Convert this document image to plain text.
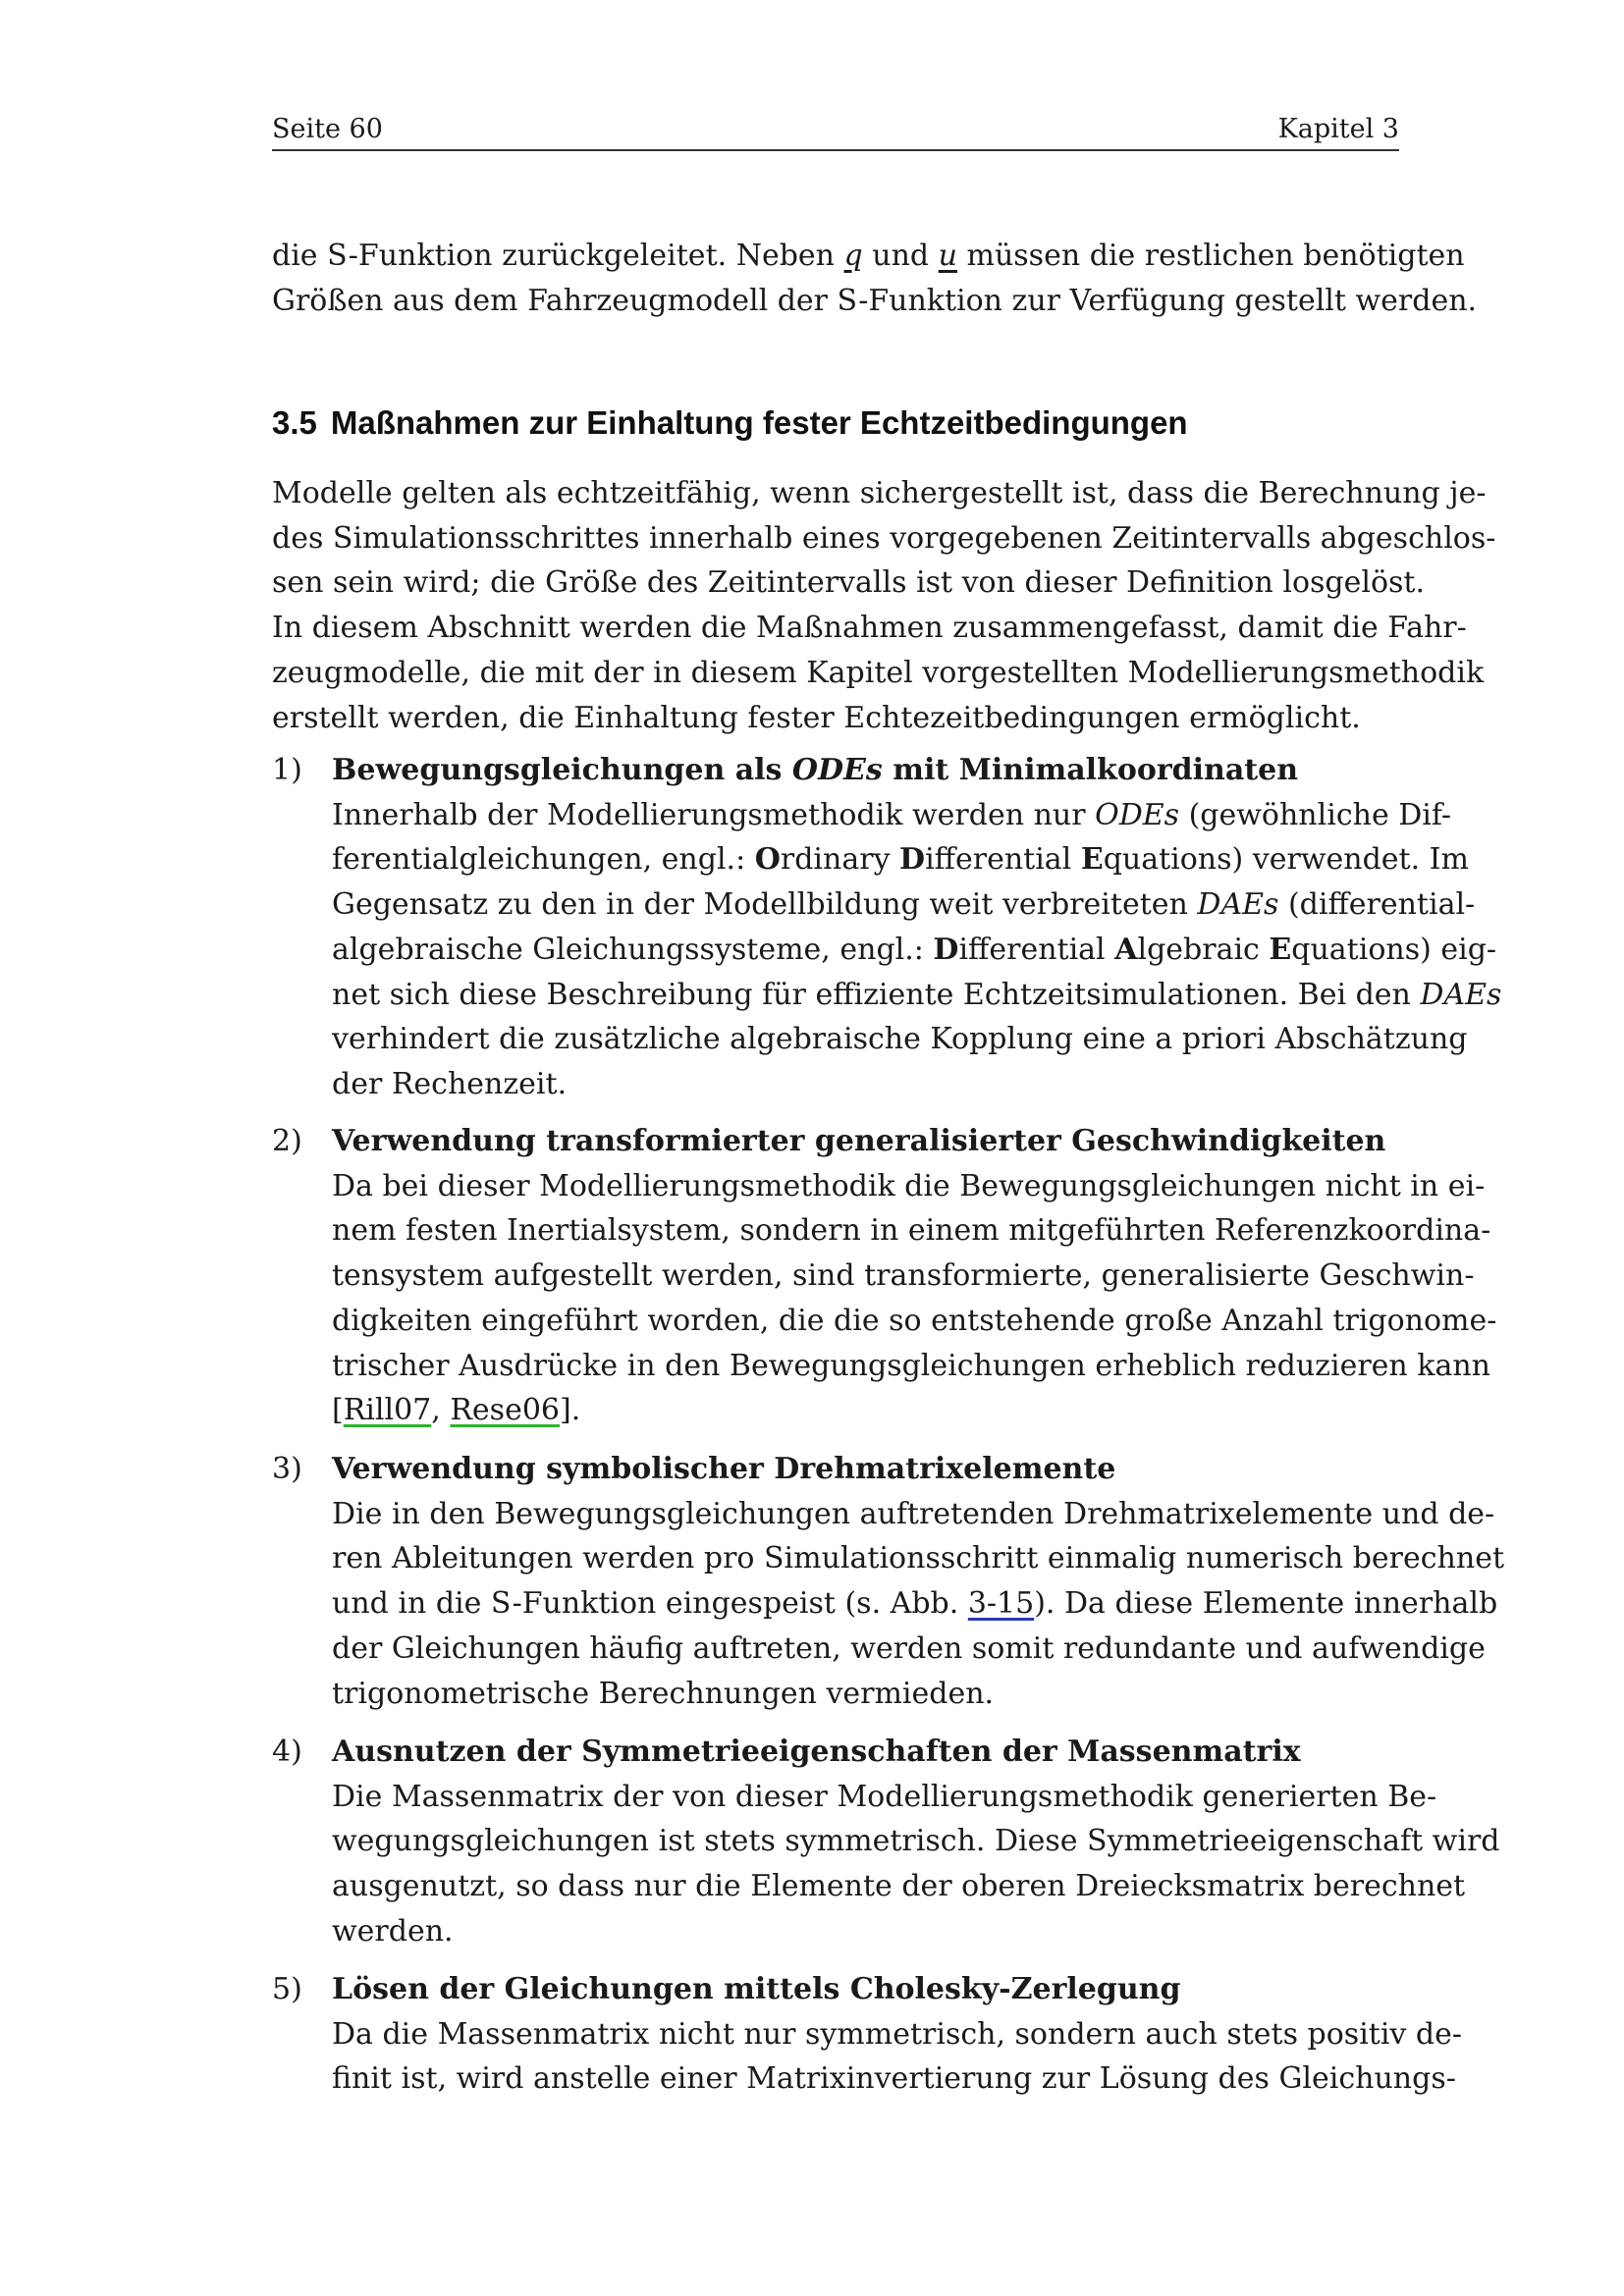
Seite 60	Kapitel 3
die S-Funktion zurückgeleitet. Neben q und u müssen die restlichen benötigten
Größen aus dem Fahrzeugmodell der S-Funktion zur Verfügung gestellt werden.
3.5 Maßnahmen zur Einhaltung fester Echtzeitbedingungen
Modelle gelten als echtzeitfähig, wenn sichergestellt ist, dass die Berechnung je-
des Simulationsschrittes innerhalb eines vorgegebenen Zeitintervalls abgeschlos-
sen sein wird; die Größe des Zeitintervalls ist von dieser Definition losgelöst.
In diesem Abschnitt werden die Maßnahmen zusammengefasst, damit die Fahr-
zeugmodelle, die mit der in diesem Kapitel vorgestellten Modellierungsmethodik
erstellt werden, die Einhaltung fester Echtezeitbedingungen ermöglicht.
1) Bewegungsgleichungen als ODEs mit Minimalkoordinaten
Innerhalb der Modellierungsmethodik werden nur ODEs (gewöhnliche Dif-
ferentialgleichungen, engl.: Ordinary Differential Equations) verwendet. Im
Gegensatz zu den in der Modellbildung weit verbreiteten DAEs (differential-
algebraische Gleichungssysteme, engl.: Differential Algebraic Equations) eig-
net sich diese Beschreibung für effiziente Echtzeitsimulationen. Bei den DAEs
verhindert die zusätzliche algebraische Kopplung eine a priori Abschätzung
der Rechenzeit.
2) Verwendung transformierter generalisierter Geschwindigkeiten
Da bei dieser Modellierungsmethodik die Bewegungsgleichungen nicht in ei-
nem festen Inertialsystem, sondern in einem mitgeführten Referenzkoordina-
tensystem aufgestellt werden, sind transformierte, generalisierte Geschwin-
digkeiten eingeführt worden, die die so entstehende große Anzahl trigonome-
trischer Ausdrücke in den Bewegungsgleichungen erheblich reduzieren kann
[Rill07, Rese06].
3) Verwendung symbolischer Drehmatrixelemente
Die in den Bewegungsgleichungen auftretenden Drehmatrixelemente und de-
ren Ableitungen werden pro Simulationsschritt einmalig numerisch berechnet
und in die S-Funktion eingespeist (s. Abb. 3-15). Da diese Elemente innerhalb
der Gleichungen häufig auftreten, werden somit redundante und aufwendige
trigonometrische Berechnungen vermieden.
4) Ausnutzen der Symmetrieeigenschaften der Massenmatrix
Die Massenmatrix der von dieser Modellierungsmethodik generierten Be-
wegungsgleichungen ist stets symmetrisch. Diese Symmetrieeigenschaft wird
ausgenutzt, so dass nur die Elemente der oberen Dreiecksmatrix berechnet
werden.
5) Lösen der Gleichungen mittels Cholesky-Zerlegung
Da die Massenmatrix nicht nur symmetrisch, sondern auch stets positiv de-
finit ist, wird anstelle einer Matrixinvertierung zur Lösung des Gleichungs-
